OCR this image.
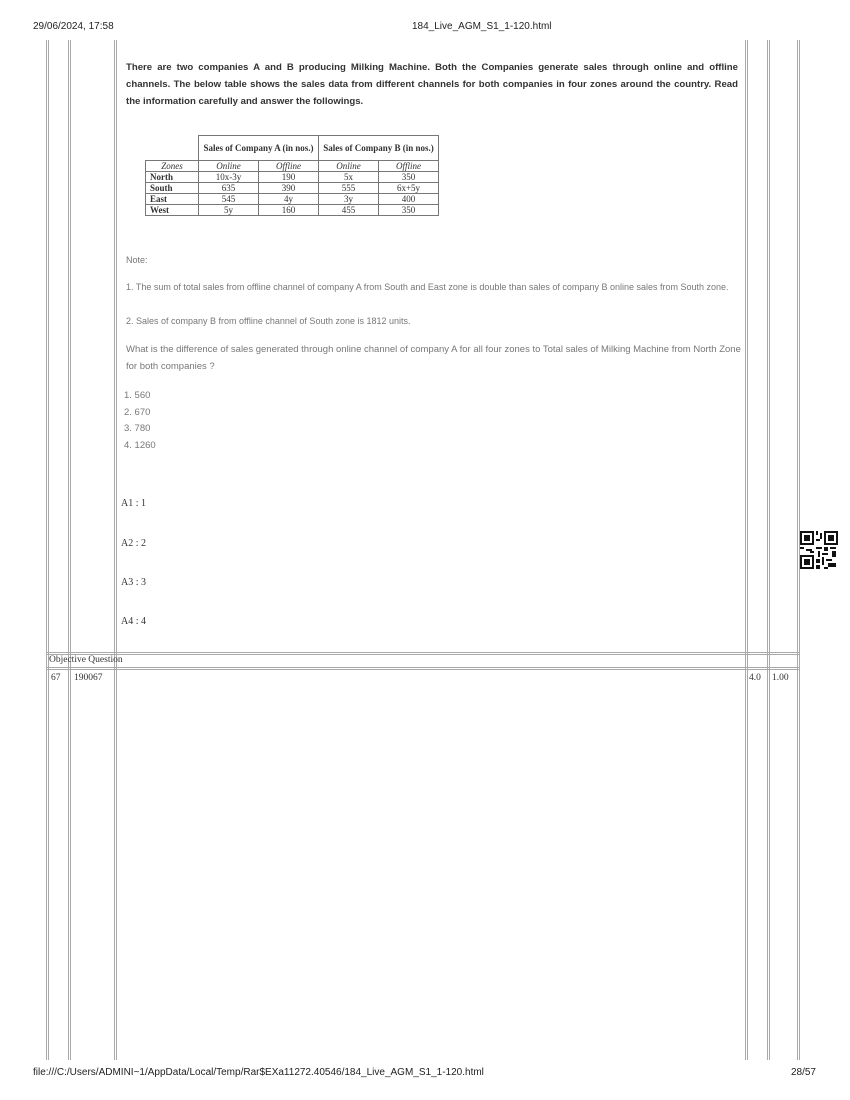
29/06/2024, 17:58	184_Live_AGM_S1_1-120.html
file:///C:/Users/ADMINI~1/AppData/Local/Temp/Rar$EXa11272.40546/184_Live_AGM_S1_1-120.html	28/57
There are two companies A and B producing Milking Machine. Both the Companies generate sales through online and offline channels. The below table shows the sales data from different channels for both companies in four zones around the country. Read the information carefully and answer the followings.
	Sales of Company A (in nos.)		Sales of Company B (in nos.)	
Zones	Online	Offline	Online	Offline
North	10x-3y	190	5x	350
South	635	390	555	6x+5y
East	545	4y	3y	400
West	5y	160	455	350
Note:
1. The sum of total sales from offline channel of company A from South and East zone is double than sales of company B online sales from South zone.
2. Sales of company B from offline channel of South zone is 1812 units.
What is the difference of sales generated through online channel of company A for all four zones to Total sales of Milking Machine from North Zone for both companies ?
1. 560
2. 670
3. 780
4. 1260
A1 : 1
A2 : 2
A3 : 3
A4 : 4
Objective Question
67 190067	4.0 1.00
